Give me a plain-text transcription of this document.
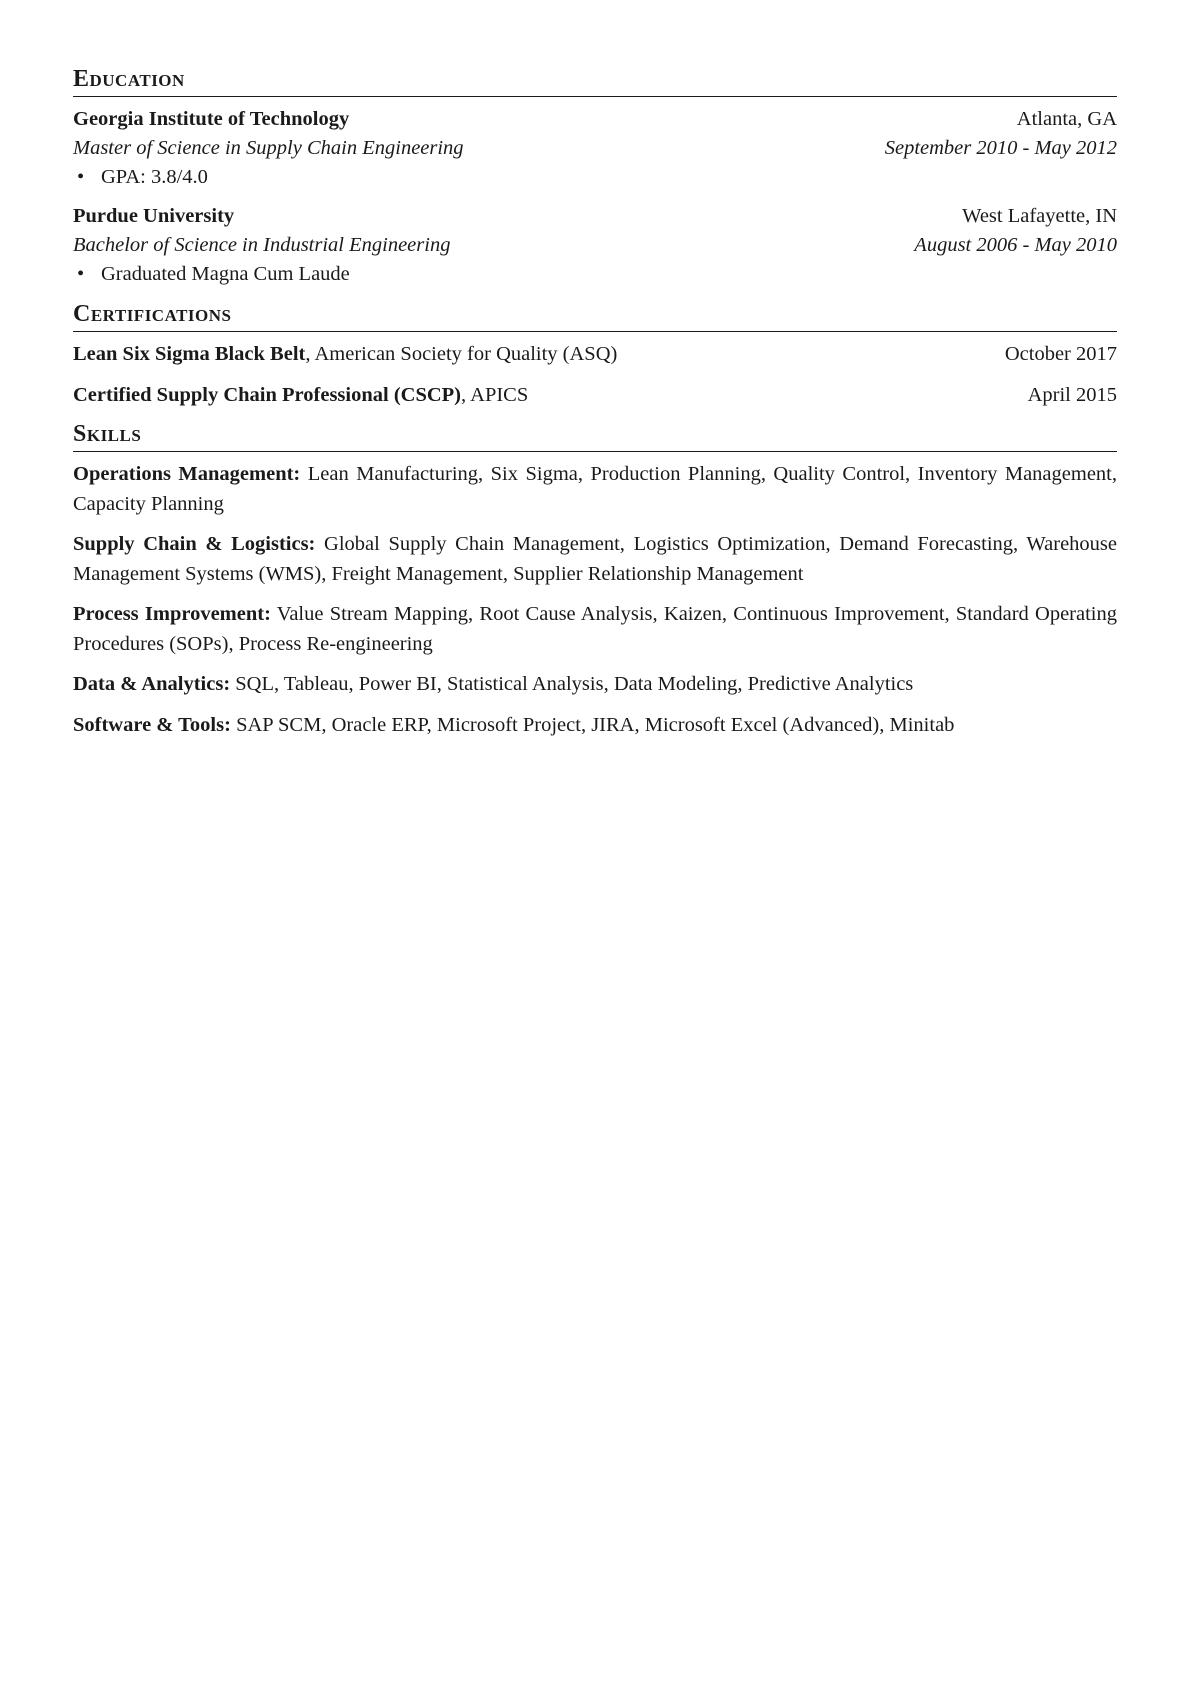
Education
Georgia Institute of Technology	Atlanta, GA
Master of Science in Supply Chain Engineering	September 2010 - May 2012
• GPA: 3.8/4.0
Purdue University	West Lafayette, IN
Bachelor of Science in Industrial Engineering	August 2006 - May 2010
• Graduated Magna Cum Laude
Certifications
Lean Six Sigma Black Belt, American Society for Quality (ASQ)	October 2017
Certified Supply Chain Professional (CSCP), APICS	April 2015
Skills

Operations Management: Lean Manufacturing, Six Sigma, Production Planning, Quality Control, Inventory Management, Capacity Planning

Supply Chain & Logistics: Global Supply Chain Management, Logistics Optimization, Demand Forecasting, Warehouse Management Systems (WMS), Freight Management, Supplier Relationship Management

Process Improvement: Value Stream Mapping, Root Cause Analysis, Kaizen, Continuous Improvement, Standard Operating Procedures (SOPs), Process Re-engineering

Data & Analytics: SQL, Tableau, Power BI, Statistical Analysis, Data Modeling, Predictive Analytics

Software & Tools: SAP SCM, Oracle ERP, Microsoft Project, JIRA, Microsoft Excel (Advanced), Minitab
